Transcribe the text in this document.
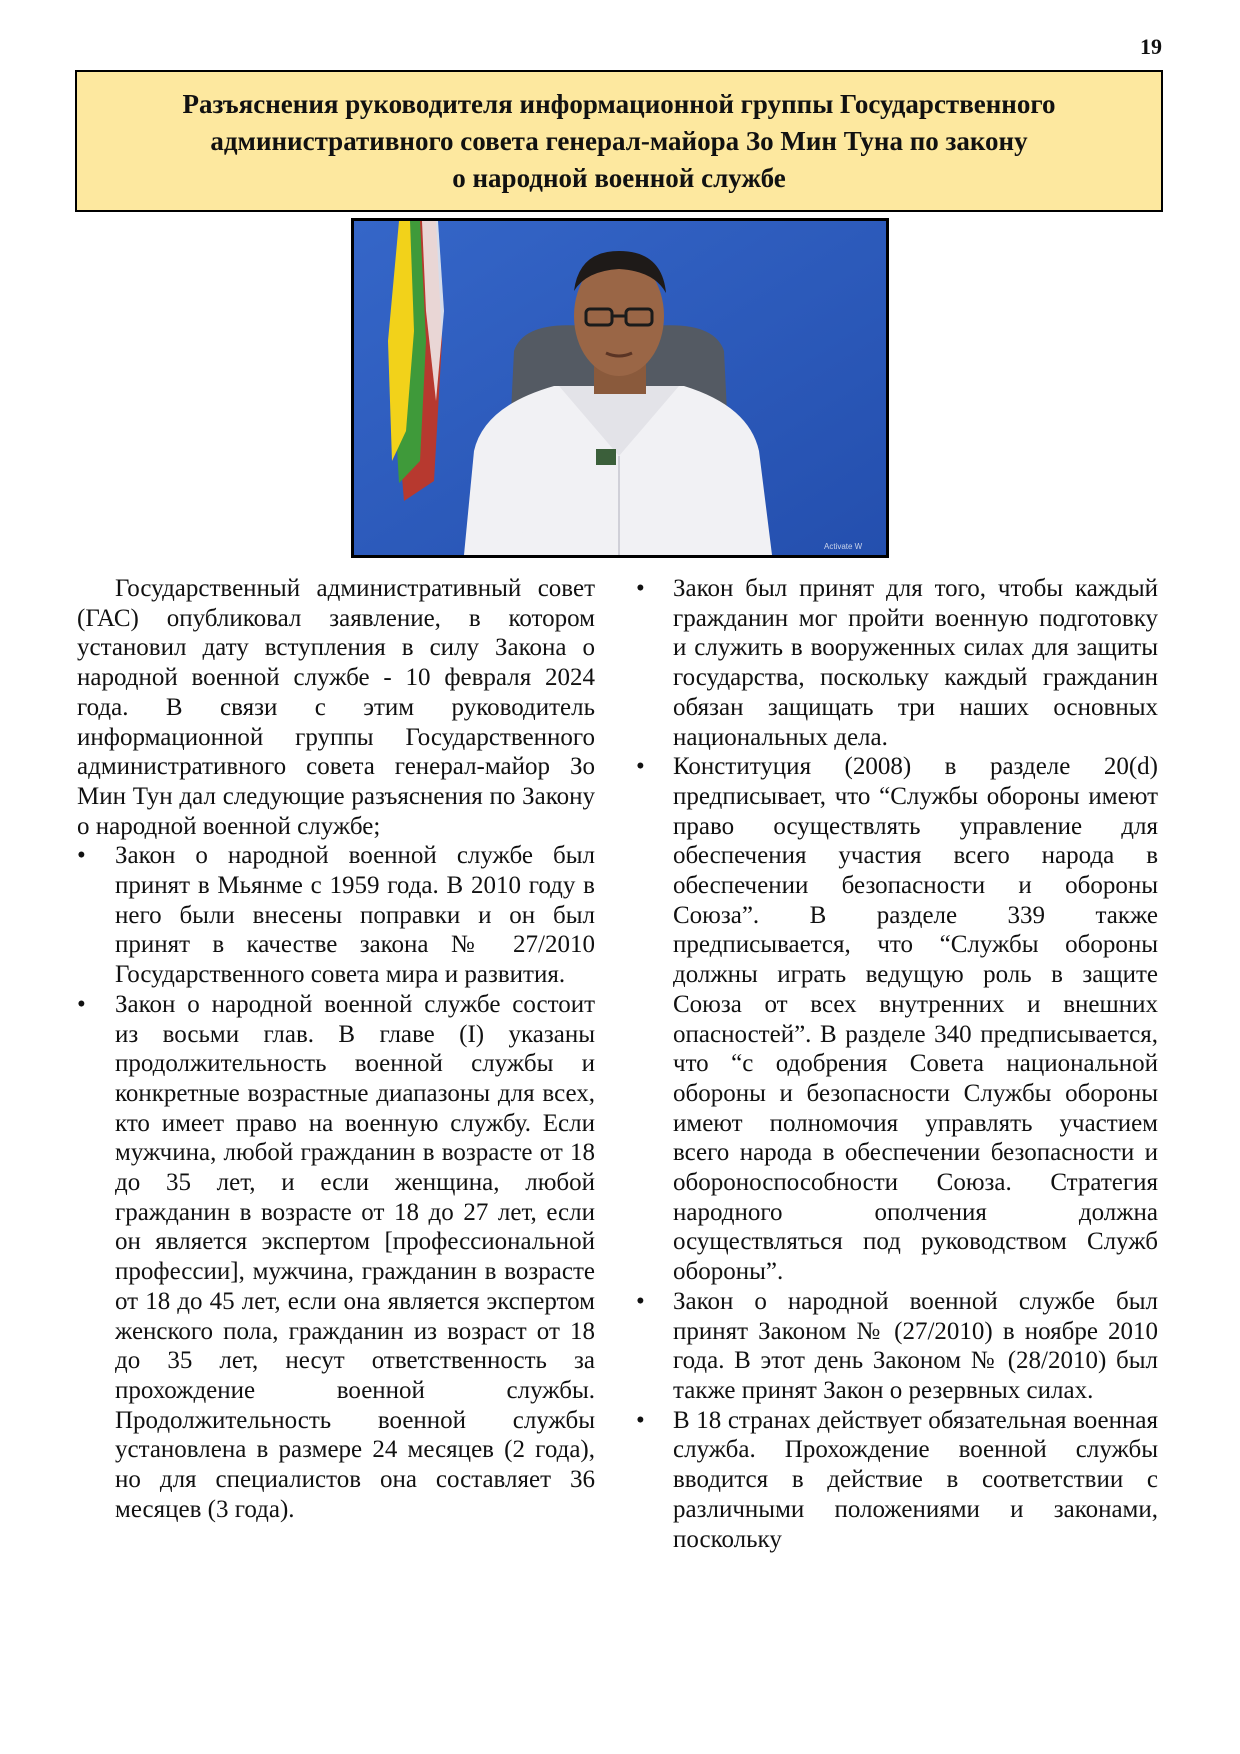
19
Разъяснения руководителя информационной группы Государственного
административного совета генерал-майора Зо Мин Туна по закону
о народной военной службе
Activate W

Государственный административный совет (ГАС) опубликовал заявление, в котором установил дату вступления в силу Закона о народной военной службе - 10 февраля 2024 года. В связи с этим руководитель информационной группы Государственного административного совета генерал-майор Зо Мин Тун дал следующие разъяснения по Закону о народной военной службе;

• Закон о народной военной службе был принят в Мьянме с 1959 года. В 2010 году в него были внесены поправки и он был принят в качестве закона № 27/2010 Государственного совета мира и развития.
• Закон о народной военной службе состоит из восьми глав. В главе (I) указаны продолжительность военной службы и конкретные возрастные диапазоны для всех, кто имеет право на военную службу. Если мужчина, любой гражданин в возрасте от 18 до 35 лет, и если женщина, любой гражданин в возрасте от 18 до 27 лет, если он является экспертом [профессиональной профессии], мужчина, гражданин в возрасте от 18 до 45 лет, если она является экспертом женского пола, гражданин из возраст от 18 до 35 лет, несут ответственность за прохождение военной службы. Продолжительность военной службы установлена в размере 24 месяцев (2 года), но для специалистов она составляет 36 месяцев (3 года).
• Закон был принят для того, чтобы каждый гражданин мог пройти военную подготовку и служить в вооруженных силах для защиты государства, поскольку каждый гражданин обязан защищать три наших основных национальных дела.
• Конституция (2008) в разделе 20(d) предписывает, что “Службы обороны имеют право осуществлять управление для обеспечения участия всего народа в обеспечении безопасности и обороны Союза”. В разделе 339 также предписывается, что “Службы обороны должны играть ведущую роль в защите Союза от всех внутренних и внешних опасностей”. В разделе 340 предписывается, что “с одобрения Совета национальной обороны и безопасности Службы обороны имеют полномочия управлять участием всего народа в обеспечении безопасности и обороноспособности Союза. Стратегия народного ополчения должна осуществляться под руководством Служб обороны”.
• Закон о народной военной службе был принят Законом № (27/2010) в ноябре 2010 года. В этот день Законом № (28/2010) был также принят Закон о резервных силах.
• В 18 странах действует обязательная военная служба. Прохождение военной службы вводится в действие в соответствии с различными положениями и законами, поскольку
